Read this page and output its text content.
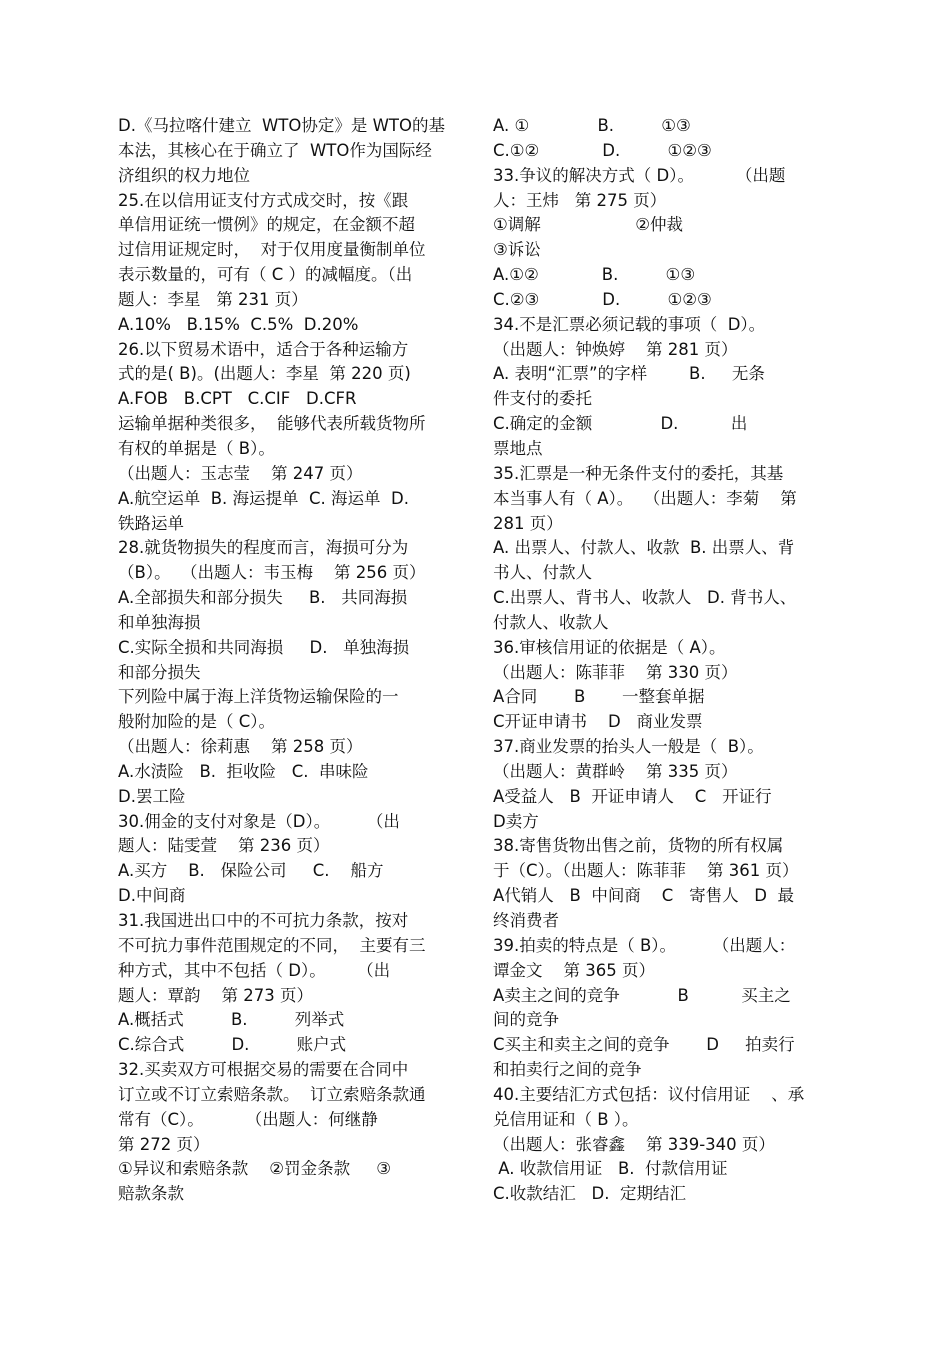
D.《马拉喀什建立  WTO协定》是 WTO的基
本法，其核心在于确立了  WTO作为国际经
济组织的权力地位
25.在以信用证支付方式成交时，按《跟
单信用证统一惯例》的规定，在金额不超
过信用证规定时，  对于仅用度量衡制单位
表示数量的，可有（ C ）的减幅度。（出
题人：李星   第 231 页）
A.10%   B.15%  C.5%  D.20%
26.以下贸易术语中，适合于各种运输方
式的是( B)。(出题人：李星  第 220 页)
A.FOB   B.CPT   C.CIF   D.CFR
运输单据种类很多，  能够代表所载货物所
有权的单据是（ B）。
（出题人：玉志莹    第 247 页）
A.航空运单  B. 海运提单  C. 海运单  D.
铁路运单
28.就货物损失的程度而言，海损可分为
（B）。  （出题人：韦玉梅    第 256 页）
A.全部损失和部分损失     B.   共同海损
和单独海损
C.实际全损和共同海损     D.   单独海损
和部分损失
下列险中属于海上洋货物运输保险的一
般附加险的是（ C）。
（出题人：徐莉惠    第 258 页）
A.水渍险   B.  拒收险   C.  串味险
D.罢工险
30.佣金的支付对象是（D）。       （出
题人：陆雯萱    第 236 页）
A.买方    B.   保险公司     C.    船方
D.中间商
31.我国进出口中的不可抗力条款，按对
不可抗力事件范围规定的不同，  主要有三
种方式，其中不包括（ D）。      （出
题人：覃韵    第 273 页）
A.概括式         B.         列举式
C.综合式         D.         账户式
32.买卖双方可根据交易的需要在合同中
订立或不订立索赔条款。  订立索赔条款通
常有（C）。        （出题人：何继静
第 272 页）
①异议和索赔条款    ②罚金条款     ③
赔款条款
A. ①             B.         ①③
C.①②            D.         ①②③
33.争议的解决方式（ D）。        （出题
人：王炜   第 275 页）
①调解                  ②仲裁
③诉讼
A.①②            B.         ①③
C.②③            D.         ①②③
34.不是汇票必须记载的事项（  D）。
（出题人：钟焕婷    第 281 页）
A. 表明“汇票”的字样        B.     无条
件支付的委托
C.确定的金额             D.          出
票地点
35.汇票是一种无条件支付的委托，其基
本当事人有（ A）。  （出题人：李菊    第
281 页）
A. 出票人、付款人、收款  B. 出票人、背
书人、付款人
C.出票人、背书人、收款人   D. 背书人、
付款人、收款人
36.审核信用证的依据是（ A）。
（出题人：陈菲菲    第 330 页）
A合同       B       一整套单据
C开证申请书    D   商业发票
37.商业发票的抬头人一般是（  B）。
（出题人：黄群岭    第 335 页）
A受益人   B  开证申请人    C   开证行
D卖方
38.寄售货物出售之前，货物的所有权属
于（C）。（出题人：陈菲菲    第 361 页）
A代销人   B  中间商    C   寄售人   D  最
终消费者
39.拍卖的特点是（ B）。       （出题人：
谭金文    第 365 页）
A卖主之间的竞争           B          买主之
间的竞争
C买主和卖主之间的竞争       D     拍卖行
和拍卖行之间的竞争
40.主要结汇方式包括：议付信用证    、承
兑信用证和（ B ）。
（出题人：张睿鑫    第 339-340 页）
A. 收款信用证   B.  付款信用证
C.收款结汇   D.  定期结汇
